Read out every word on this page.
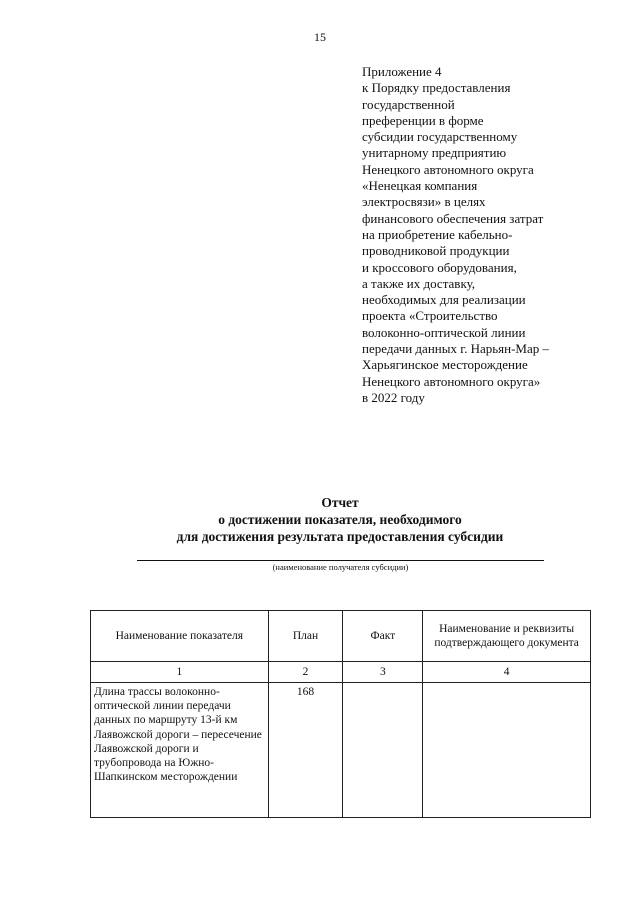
15
Приложение 4
к Порядку предоставления
государственной
преференции в форме
субсидии государственному
унитарному предприятию
Ненецкого автономного округа
«Ненецкая компания
электросвязи» в целях
финансового обеспечения затрат
на приобретение кабельно-
проводниковой продукции
и кроссового оборудования,
а также их доставку,
необходимых для реализации
проекта «Строительство
волоконно-оптической линии
передачи данных г. Нарьян-Мар –
Харьягинское месторождение
Ненецкого автономного округа»
в 2022 году
Отчет
о достижении показателя, необходимого
для достижения результата предоставления субсидии
(наименование получателя субсидии)
Наименование показателя	План	Факт	Наименование и реквизиты подтверждающего документа
1	2	3	4
Длина трассы волоконно-оптической линии передачи данных по маршруту 13-й км Лаявожской дороги – пересечение Лаявожской дороги и трубопровода на Южно-Шапкинском месторождении	168		
